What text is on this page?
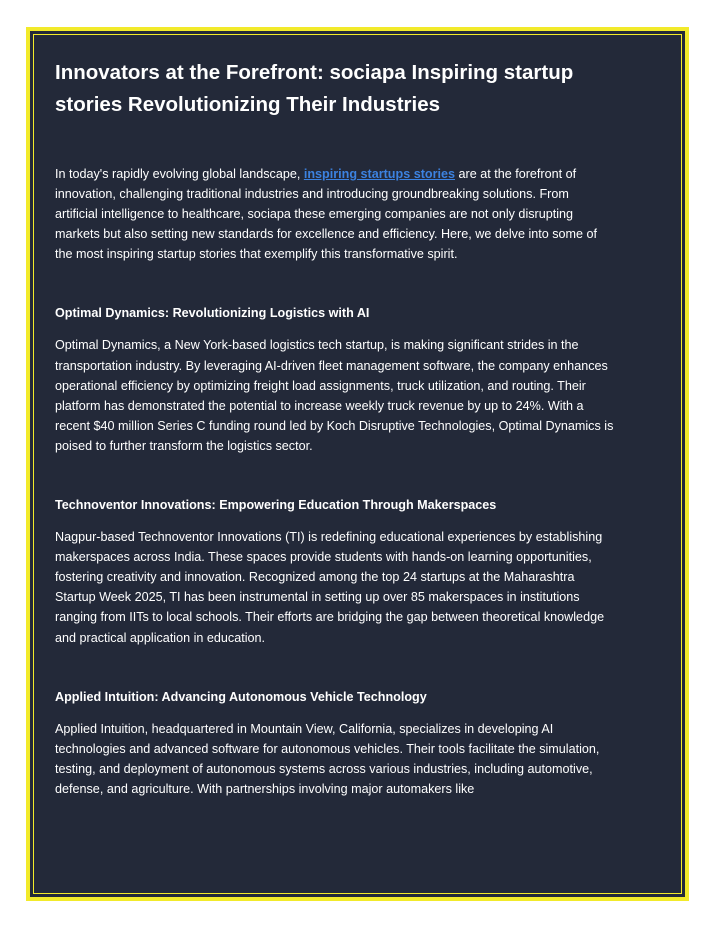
Innovators at the Forefront: sociapa Inspiring startup stories Revolutionizing Their Industries

In today's rapidly evolving global landscape, inspiring startups stories are at the forefront of innovation, challenging traditional industries and introducing groundbreaking solutions. From artificial intelligence to healthcare, sociapa these emerging companies are not only disrupting markets but also setting new standards for excellence and efficiency. Here, we delve into some of the most inspiring startup stories that exemplify this transformative spirit.

Optimal Dynamics: Revolutionizing Logistics with AI

Optimal Dynamics, a New York-based logistics tech startup, is making significant strides in the transportation industry. By leveraging AI-driven fleet management software, the company enhances operational efficiency by optimizing freight load assignments, truck utilization, and routing. Their platform has demonstrated the potential to increase weekly truck revenue by up to 24%. With a recent $40 million Series C funding round led by Koch Disruptive Technologies, Optimal Dynamics is poised to further transform the logistics sector.

Technoventor Innovations: Empowering Education Through Makerspaces

Nagpur-based Technoventor Innovations (TI) is redefining educational experiences by establishing makerspaces across India. These spaces provide students with hands-on learning opportunities, fostering creativity and innovation. Recognized among the top 24 startups at the Maharashtra Startup Week 2025, TI has been instrumental in setting up over 85 makerspaces in institutions ranging from IITs to local schools. Their efforts are bridging the gap between theoretical knowledge and practical application in education.

Applied Intuition: Advancing Autonomous Vehicle Technology

Applied Intuition, headquartered in Mountain View, California, specializes in developing AI technologies and advanced software for autonomous vehicles. Their tools facilitate the simulation, testing, and deployment of autonomous systems across various industries, including automotive, defense, and agriculture. With partnerships involving major automakers like
